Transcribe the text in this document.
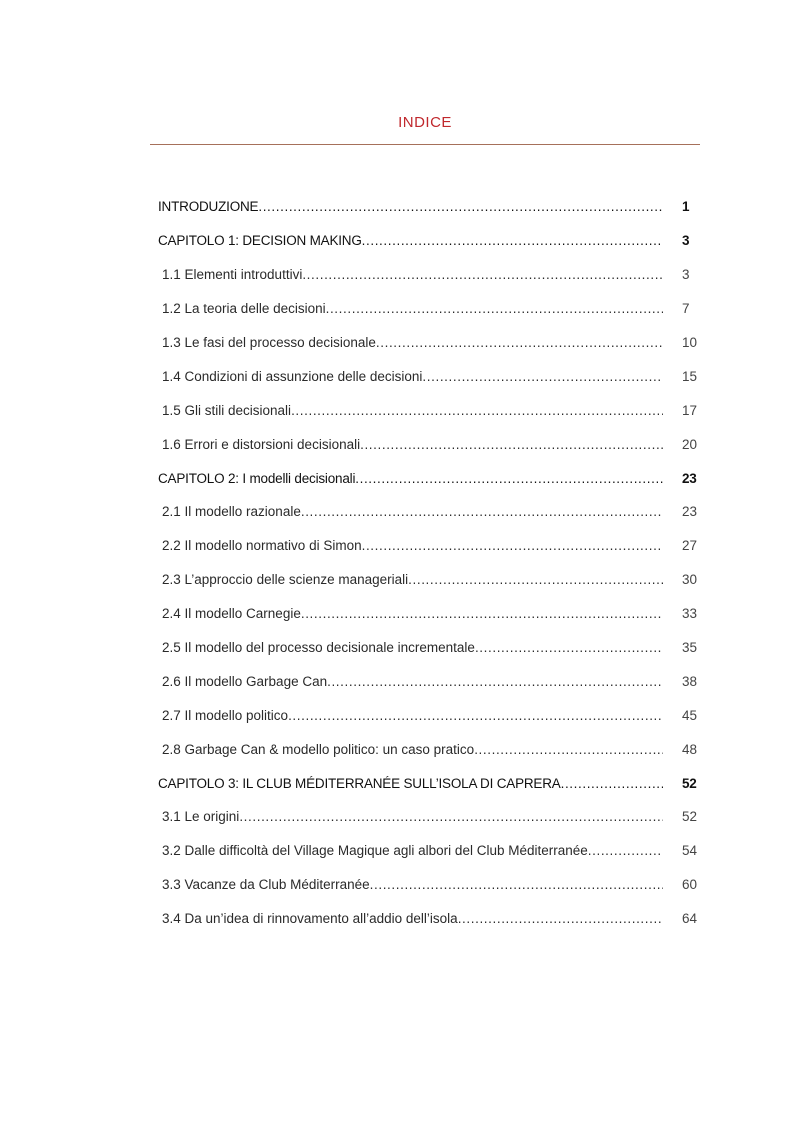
INDICE
INTRODUZIONE .....	1
CAPITOLO 1: DECISION MAKING .....	3
1.1 Elementi introduttivi .....	3
1.2 La teoria delle decisioni .....	7
1.3 Le fasi del processo decisionale .....	10
1.4 Condizioni di assunzione delle decisioni .....	15
1.5 Gli stili decisionali .....	17
1.6 Errori e distorsioni decisionali .....	20
CAPITOLO 2: I modelli decisionali .....	23
2.1 Il modello razionale .....	23
2.2 Il modello normativo di Simon .....	27
2.3 L’approccio delle scienze manageriali .....	30
2.4 Il modello Carnegie .....	33
2.5 Il modello del processo decisionale incrementale .....	35
2.6 Il modello Garbage Can .....	38
2.7 Il modello politico .....	45
2.8 Garbage Can & modello politico: un caso pratico .....	48
CAPITOLO 3: IL CLUB MÉDITERRANÉE SULL’ISOLA DI CAPRERA .....	52
3.1 Le origini .....	52
3.2 Dalle difficoltà del Village Magique agli albori del Club Méditerranée .....	54
3.3 Vacanze da Club Méditerranée .....	60
3.4 Da un’idea di rinnovamento all’addio dell’isola .....	64
